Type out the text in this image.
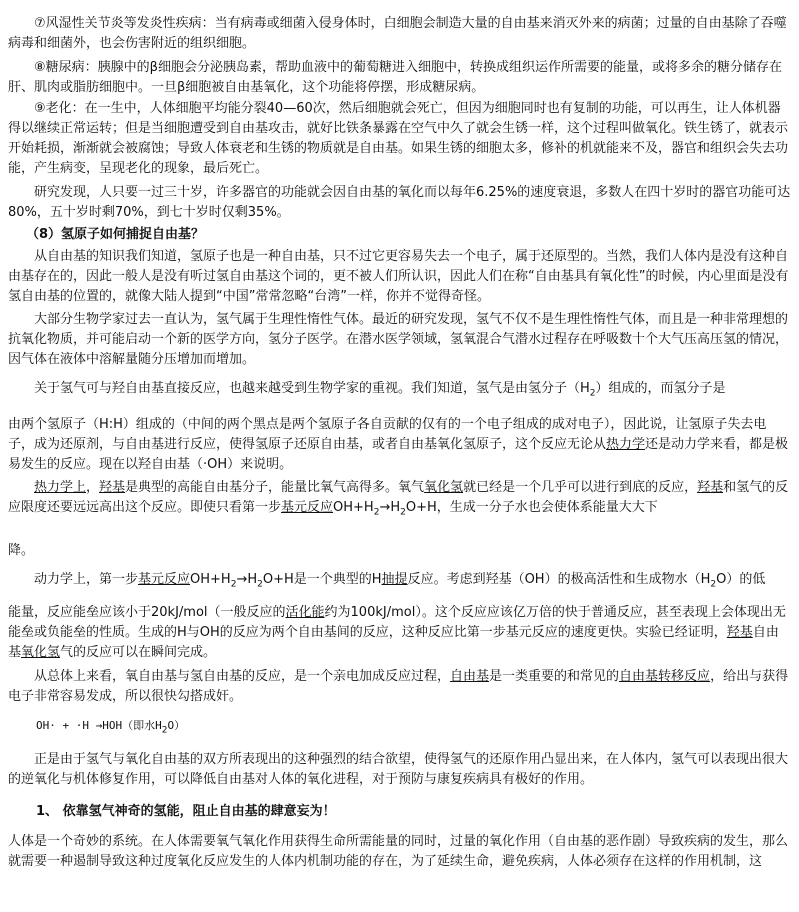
⑦风湿性关节炎等发炎性疾病：当有病毒或细菌入侵身体时，白细胞会制造大量的自由基来消灭外来的病菌；过量的自由基除了吞噬病毒和细菌外，也会伤害附近的组织细胞。

⑧糖尿病：胰腺中的β细胞会分泌胰岛素，帮助血液中的葡萄糖进入细胞中，转换成组织运作所需要的能量，或将多余的糖分储存在肝、肌肉或脂肪细胞中。一旦β细胞被自由基氧化，这个功能将停摆，形成糖尿病。

⑨老化：在一生中，人体细胞平均能分裂40—60次，然后细胞就会死亡，但因为细胞同时也有复制的功能，可以再生，让人体机器得以继续正常运转；但是当细胞遭受到自由基攻击，就好比铁条暴露在空气中久了就会生锈一样，这个过程叫做氧化。铁生锈了，就表示开始耗损，渐渐就会被腐蚀；导致人体衰老和生锈的物质就是自由基。如果生锈的细胞太多，修补的机就能来不及，器官和组织会失去功能，产生病变，呈现老化的现象，最后死亡。

研究发现，人只要一过三十岁，许多器官的功能就会因自由基的氧化而以每年6.25%的速度衰退，多数人在四十岁时的器官功能可达80%，五十岁时剩70%，到七十岁时仅剩35%。

（8）氢原子如何捕捉自由基？

从自由基的知识我们知道，氢原子也是一种自由基，只不过它更容易失去一个电子，属于还原型的。当然，我们人体内是没有这种自由基存在的，因此一般人是没有听过氢自由基这个词的，更不被人们所认识，因此人们在称“自由基具有氧化性”的时候，内心里面是没有氢自由基的位置的，就像大陆人提到“中国”常常忽略“台湾”一样，你并不觉得奇怪。

大部分生物学家过去一直认为，氢气属于生理性惰性气体。最近的研究发现，氢气不仅不是生理性惰性气体，而且是一种非常理想的抗氧化物质，并可能启动一个新的医学方向，氢分子医学。在潜水医学领域，氢氧混合气潜水过程存在呼吸数十个大气压高压氢的情况，因气体在液体中溶解量随分压增加而增加。

关于氢气可与羟自由基直接反应，也越来越受到生物学家的重视。我们知道，氢气是由氢分子$(H_2)$组成的，而氢分子是

由两个氢原子（H:H）组成的（中间的两个黑点是两个氢原子各自贡献的仅有的一个电子组成的成对电子），因此说，让氢原子失去电子，成为还原剂，与自由基进行反应，使得氢原子还原自由基，或者自由基氧化氢原子，这个反应无论从热力学还是动力学来看，都是极易发生的反应。现在以羟自由基（·OH）来说明。

热力学上，羟基是典型的高能自由基分子，能量比氧气高得多。氧气氧化氢就已经是一个几乎可以进行到底的反应，羟基和氢气的反应限度还要远远高出这个反应。即使只看第一步基元反应$OH+H_2\to H_2O+H$，生成一分子水也会使体系能量大大下

降。

动力学上，第一步基元反应$OH+H_2\to H_2O+H$是一个典型的H抽提反应。考虑到羟基（OH）的极高活性和生成物水$(H_2O)$的低

能量，反应能垒应该小于20kJ/mol（一般反应的活化能约为100kJ/mol）。这个反应应该亿万倍的快于普通反应，甚至表现上会体现出无能垒或负能垒的性质。生成的H与OH的反应为两个自由基间的反应，这种反应比第一步基元反应的速度更快。实验已经证明，羟基自由基氧化氢气的反应可以在瞬间完成。

从总体上来看，氧自由基与氢自由基的反应，是一个亲电加成反应过程，自由基是一类重要的和常见的自由基转移反应，给出与获得电子非常容易发成，所以很快勾搭成奸。

OH· + ·H →HOH（即水$H_2O$）

正是由于氢气与氧化自由基的双方所表现出的这种强烈的结合欲望，使得氢气的还原作用凸显出来，在人体内，氢气可以表现出很大的逆氧化与机体修复作用，可以降低自由基对人体的氧化进程，对于预防与康复疾病具有极好的作用。

1、 依靠氢气神奇的氢能，阻止自由基的肆意妄为！

人体是一个奇妙的系统。在人体需要氧气氧化作用获得生命所需能量的同时，过量的氧化作用（自由基的恶作剧）导致疾病的发生，那么就需要一种遏制导致这种过度氧化反应发生的人体内机制功能的存在，为了延续生命，避免疾病，人体必须存在这样的作用机制，这
